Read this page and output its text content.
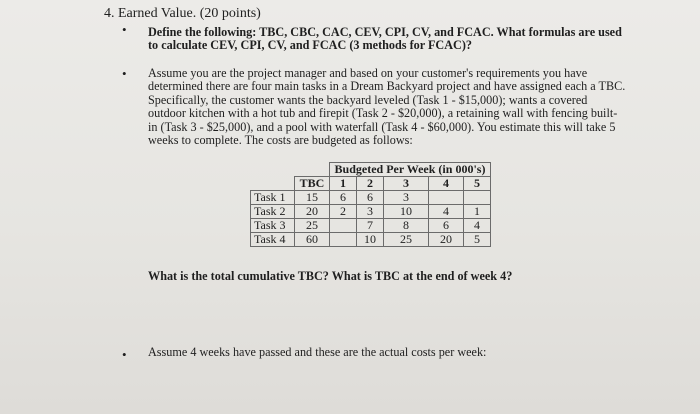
4. Earned Value. (20 points)
• Define the following: TBC, CBC, CAC, CEV, CPI, CV, and FCAC. What formulas are used to calculate CEV, CPI, CV, and FCAC (3 methods for FCAC)?
• Assume you are the project manager and based on your customer's requirements you have determined there are four main tasks in a Dream Backyard project and have assigned each a TBC. Specifically, the customer wants the backyard leveled (Task 1 - $15,000); wants a covered outdoor kitchen with a hot tub and firepit (Task 2 - $20,000), a retaining wall with fencing built-in (Task 3 - $25,000), and a pool with waterfall (Task 4 - $60,000). You estimate this will take 5 weeks to complete. The costs are budgeted as follows:
		Budgeted Per Week (in 000's)				
	TBC	1	2	3	4	5
Task 1	15	6	6	3		
Task 2	20	2	3	10	4	1
Task 3	25		7	8	6	4
Task 4	60		10	25	20	5
What is the total cumulative TBC? What is TBC at the end of week 4?
• Assume 4 weeks have passed and these are the actual costs per week:
